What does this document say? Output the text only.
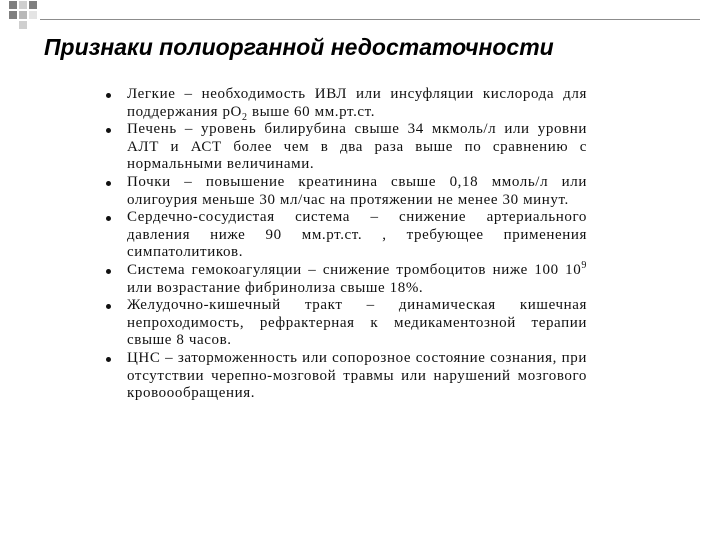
Признаки полиорганной недостаточности
Легкие – необходимость ИВЛ или инсуфляции кислорода для поддержания $рО_2$ выше 60 мм.рт.ст.
Печень – уровень билирубина свыше 34 мкмоль/л или уровни АЛТ и АСТ более чем в два раза выше по сравнению с нормальными величинами.
Почки – повышение креатинина свыше 0,18 ммоль/л или олигоурия меньше 30 мл/час на протяжении не менее 30 минут.
Сердечно-сосудистая система – снижение артериального давления ниже 90 мм.рт.ст. , требующее применения симпатолитиков.
Система гемокоагуляции – снижение тромбоцитов ниже 100 $10^9$ или возрастание фибринолиза свыше 18%.
Желудочно-кишечный тракт – динамическая кишечная непроходимость, рефрактерная к медикаментозной терапии свыше 8 часов.
ЦНС – заторможенность или сопорозное состояние сознания, при отсутствии черепно-мозговой травмы или нарушений мозгового кровоообращения.
